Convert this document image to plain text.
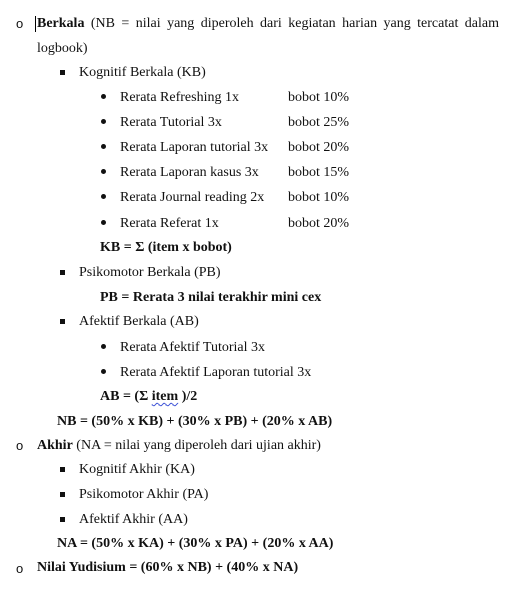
o Berkala (NB = nilai yang diperoleh dari kegiatan harian yang tercatat dalam
logbook)
Kognitif Berkala (KB)
Rerata Refreshing 1x	bobot 10%
Rerata Tutorial 3x	bobot 25%
Rerata Laporan tutorial 3x bobot 20%
Rerata Laporan kasus 3x bobot 15%
Rerata Journal reading 2x bobot 10%
Rerata Referat 1x	bobot 20%
KB = Σ (item x bobot)
Psikomotor Berkala (PB)
PB = Rerata 3 nilai terakhir mini cex
Afektif Berkala (AB)
Rerata Afektif Tutorial 3x
Rerata Afektif Laporan tutorial 3x
AB = (Σ item )/2
NB = (50% x KB) + (30% x PB) + (20% x AB)
o Akhir (NA = nilai yang diperoleh dari ujian akhir)
Kognitif Akhir (KA)
Psikomotor Akhir (PA)
Afektif Akhir (AA)
NA = (50% x KA) + (30% x PA) + (20% x AA)
o Nilai Yudisium = (60% x NB) + (40% x NA)
